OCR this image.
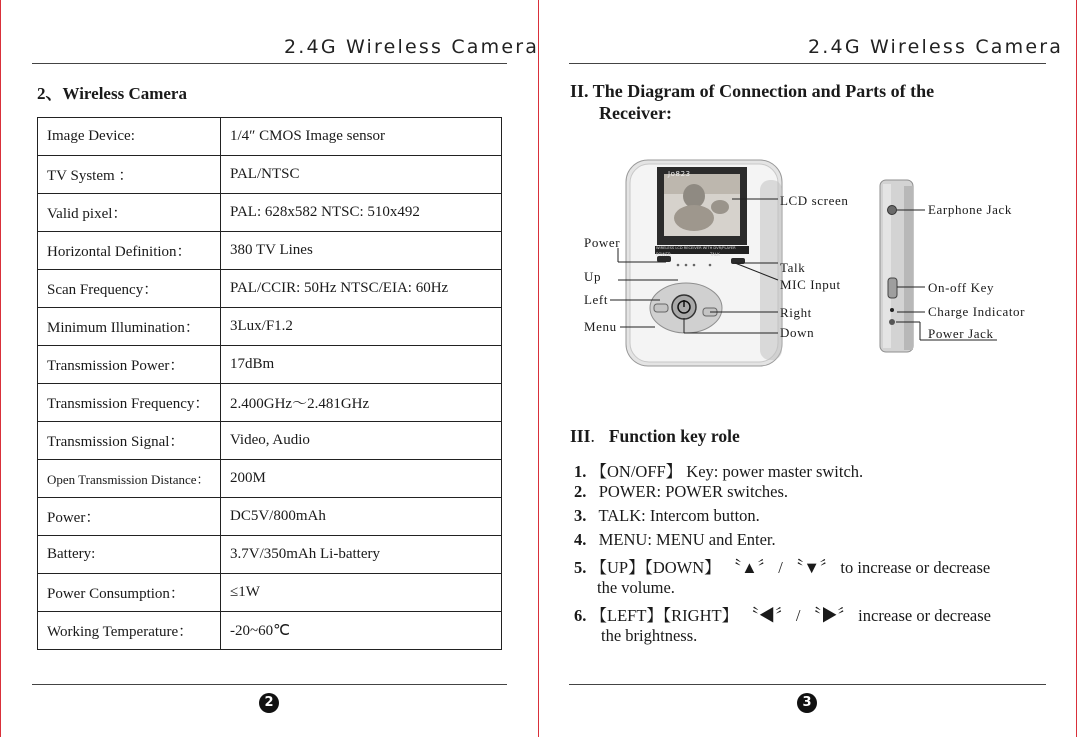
2.4G Wireless Camera
2、Wireless Camera
Image Device:	1/4″ CMOS Image sensor
TV System ：	PAL/NTSC
Valid pixel：	PAL: 628x582 NTSC: 510x492
Horizontal Definition：	380 TV Lines
Scan Frequency：	PAL/CCIR: 50Hz NTSC/EIA: 60Hz
Minimum Illumination：	3Lux/F1.2
Transmission Power：	17dBm
Transmission Frequency：	2.400GHz～2.481GHz
Transmission Signal：	Video, Audio
Open Transmission Distance：	200M
Power：	DC5V/800mAh
Battery:	3.7V/350mAh Li-battery
Power Consumption：	≤1W
Working Temperature：	-20~60℃
2
2.4G Wireless Camera
II. The Diagram of Connection and Parts of the
Receiver:
Jo823
WIRELESS LCD RECEIVER WITH DVR/PLAYER
POWER	TALK
LCD screen
Power
Up
Left
Menu
Talk
MIC Input
Right
Down
Earphone Jack
On-off Key
Charge Indicator
Power Jack
III. Function key role
1. 【ON/OFF】 Key: power master switch.
2. POWER: POWER switches.
3. TALK: Intercom button.
4. MENU: MENU and Enter.
5. 【UP】【DOWN】 〝▲〞 / 〝▼〞 to increase or decrease
the volume.
6. 【LEFT】【RIGHT】 〝◀〞 / 〝▶〞 increase or decrease
the brightness.
3
